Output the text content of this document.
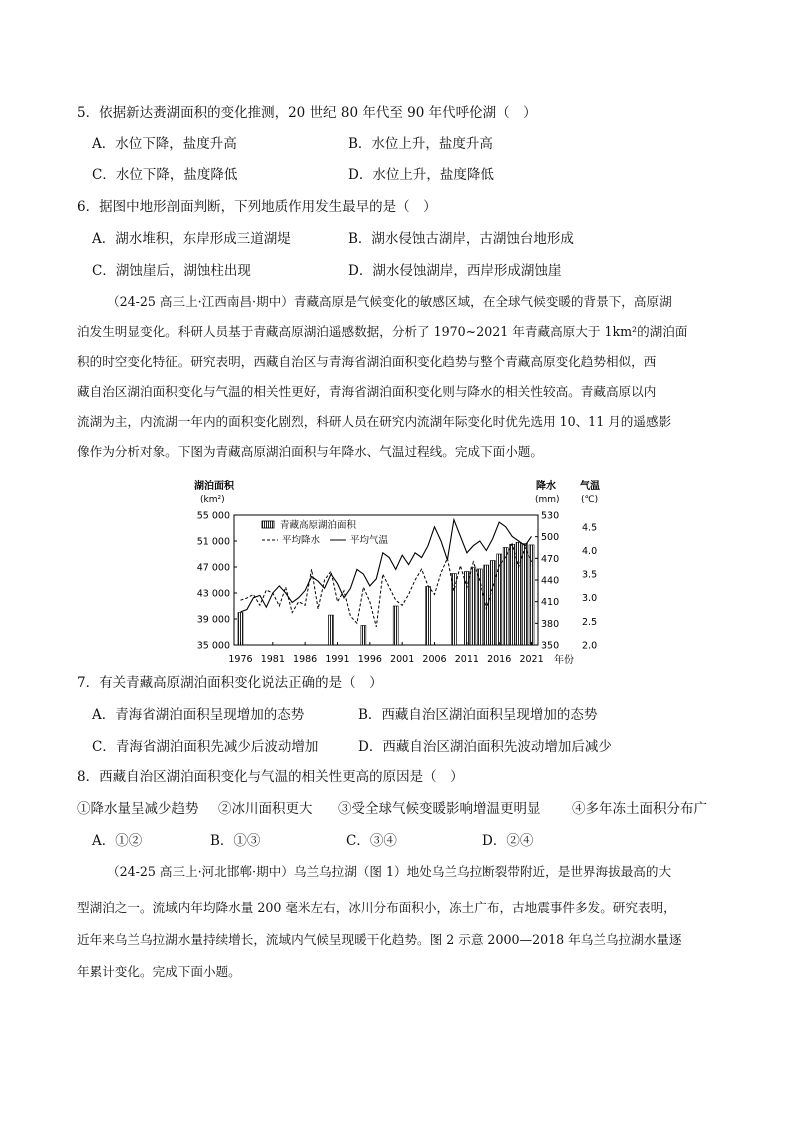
5．依据新达赉湖面积的变化推测，20 世纪 80 年代至 90 年代呼伦湖（　）
A．水位下降，盐度升高	B．水位上升，盐度升高
C．水位下降，盐度降低	D．水位上升，盐度降低
6．据图中地形剖面判断，下列地质作用发生最早的是（　）
A．湖水堆积，东岸形成三道湖堤	B．湖水侵蚀古湖岸，古湖蚀台地形成
C．湖蚀崖后，湖蚀柱出现	D．湖水侵蚀湖岸，西岸形成湖蚀崖
（24-25 高三上·江西南昌·期中）青藏高原是气候变化的敏感区域，在全球气候变暖的背景下，高原湖
泊发生明显变化。科研人员基于青藏高原湖泊遥感数据，分析了 1970~2021 年青藏高原大于 1km²的湖泊面
积的时空变化特征。研究表明，西藏自治区与青海省湖泊面积变化趋势与整个青藏高原变化趋势相似，西
藏自治区湖泊面积变化与气温的相关性更好，青海省湖泊面积变化则与降水的相关性较高。青藏高原以内
流湖为主，内流湖一年内的面积变化剧烈，科研人员在研究内流湖年际变化时优先选用 10、11 月的遥感影
像作为分析对象。下图为青藏高原湖泊面积与年降水、气温过程线。完成下面小题。
湖泊面积
(km²)
降水
(mm)
气温
(℃)
35 000
39 000
43 000
47 000
51 000
55 000
350
380
410
440
470
500
530
2.0
2.5
3.0
3.5
4.0
4.5
1976 1981 1986 1991 1996 2001 2006 2011 2016 2021
青藏高原湖泊面积
平均降水	平均气温
年份
7．有关青藏高原湖泊面积变化说法正确的是（　）
A．青海省湖泊面积呈现增加的态势	B．西藏自治区湖泊面积呈现增加的态势
C．青海省湖泊面积先减少后波动增加	D．西藏自治区湖泊面积先波动增加后减少
8．西藏自治区湖泊面积变化与气温的相关性更高的原因是（　）
①降水量呈减少趋势 ②冰川面积更大 ③受全球气候变暖影响增温更明显 ④多年冻土面积分布广
A．①②	B．①③	C．③④	D．②④
（24-25 高三上·河北邯郸·期中）乌兰乌拉湖（图 1）地处乌兰乌拉断裂带附近，是世界海拔最高的大
型湖泊之一。流域内年均降水量 200 毫米左右，冰川分布面积小，冻土广布，古地震事件多发。研究表明，
近年来乌兰乌拉湖水量持续增长，流域内气候呈现暖干化趋势。图 2 示意 2000—2018 年乌兰乌拉湖水量逐
年累计变化。完成下面小题。
